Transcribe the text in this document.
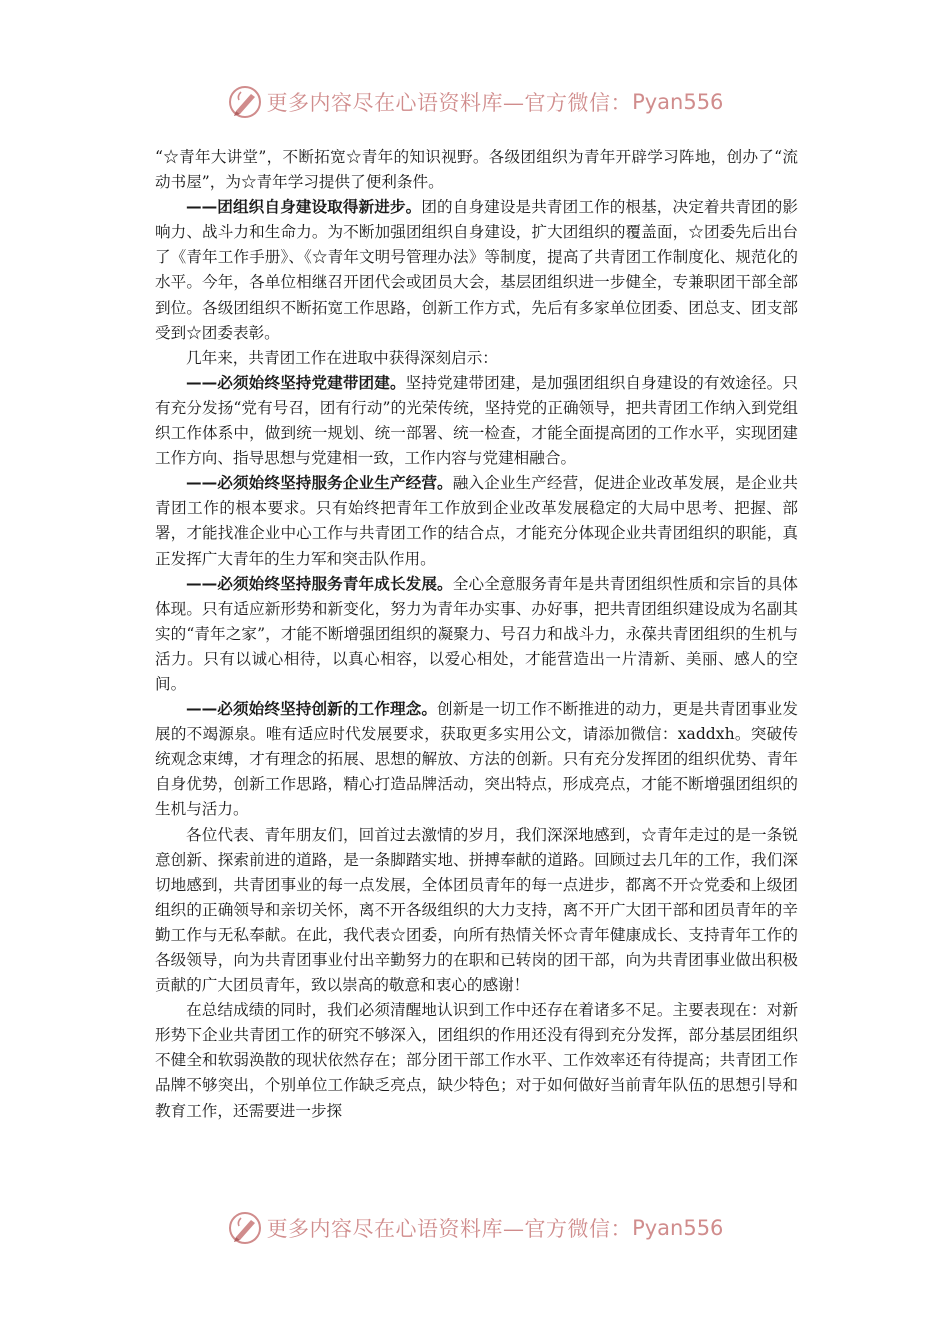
更多内容尽在心语资料库—官方微信： Pyan556

“☆青年大讲堂”，不断拓宽☆青年的知识视野。各级团组织为青年开辟学习阵地，创办了“流动书屋”，为☆青年学习提供了便利条件。

——团组织自身建设取得新进步。团的自身建设是共青团工作的根基，决定着共青团的影响力、战斗力和生命力。为不断加强团组织自身建设，扩大团组织的覆盖面，☆团委先后出台了《青年工作手册》、《☆青年文明号管理办法》等制度，提高了共青团工作制度化、规范化的水平。今年，各单位相继召开团代会或团员大会，基层团组织进一步健全，专兼职团干部全部到位。各级团组织不断拓宽工作思路，创新工作方式，先后有多家单位团委、团总支、团支部受到☆团委表彰。

几年来，共青团工作在进取中获得深刻启示：

——必须始终坚持党建带团建。坚持党建带团建，是加强团组织自身建设的有效途径。只有充分发扬“党有号召，团有行动”的光荣传统，坚持党的正确领导，把共青团工作纳入到党组织工作体系中，做到统一规划、统一部署、统一检查，才能全面提高团的工作水平，实现团建工作方向、指导思想与党建相一致，工作内容与党建相融合。

——必须始终坚持服务企业生产经营。融入企业生产经营，促进企业改革发展，是企业共青团工作的根本要求。只有始终把青年工作放到企业改革发展稳定的大局中思考、把握、部署，才能找准企业中心工作与共青团工作的结合点，才能充分体现企业共青团组织的职能，真正发挥广大青年的生力军和突击队作用。

——必须始终坚持服务青年成长发展。全心全意服务青年是共青团组织性质和宗旨的具体体现。只有适应新形势和新变化，努力为青年办实事、办好事，把共青团组织建设成为名副其实的“青年之家”，才能不断增强团组织的凝聚力、号召力和战斗力，永葆共青团组织的生机与活力。只有以诚心相待，以真心相容，以爱心相处，才能营造出一片清新、美丽、感人的空间。

——必须始终坚持创新的工作理念。创新是一切工作不断推进的动力，更是共青团事业发展的不竭源泉。唯有适应时代发展要求，获取更多实用公文，请添加微信：xaddxh。突破传统观念束缚，才有理念的拓展、思想的解放、方法的创新。只有充分发挥团的组织优势、青年自身优势，创新工作思路，精心打造品牌活动，突出特点，形成亮点，才能不断增强团组织的生机与活力。

各位代表、青年朋友们，回首过去激情的岁月，我们深深地感到，☆青年走过的是一条锐意创新、探索前进的道路，是一条脚踏实地、拼搏奉献的道路。回顾过去几年的工作，我们深切地感到，共青团事业的每一点发展，全体团员青年的每一点进步，都离不开☆党委和上级团组织的正确领导和亲切关怀，离不开各级组织的大力支持，离不开广大团干部和团员青年的辛勤工作与无私奉献。在此，我代表☆团委，向所有热情关怀☆青年健康成长、支持青年工作的各级领导，向为共青团事业付出辛勤努力的在职和已转岗的团干部，向为共青团事业做出积极贡献的广大团员青年，致以崇高的敬意和衷心的感谢！

在总结成绩的同时，我们必须清醒地认识到工作中还存在着诸多不足。主要表现在：对新形势下企业共青团工作的研究不够深入，团组织的作用还没有得到充分发挥，部分基层团组织不健全和软弱涣散的现状依然存在；部分团干部工作水平、工作效率还有待提高；共青团工作品牌不够突出，个别单位工作缺乏亮点，缺少特色；对于如何做好当前青年队伍的思想引导和教育工作，还需要进一步探

更多内容尽在心语资料库—官方微信： Pyan556
